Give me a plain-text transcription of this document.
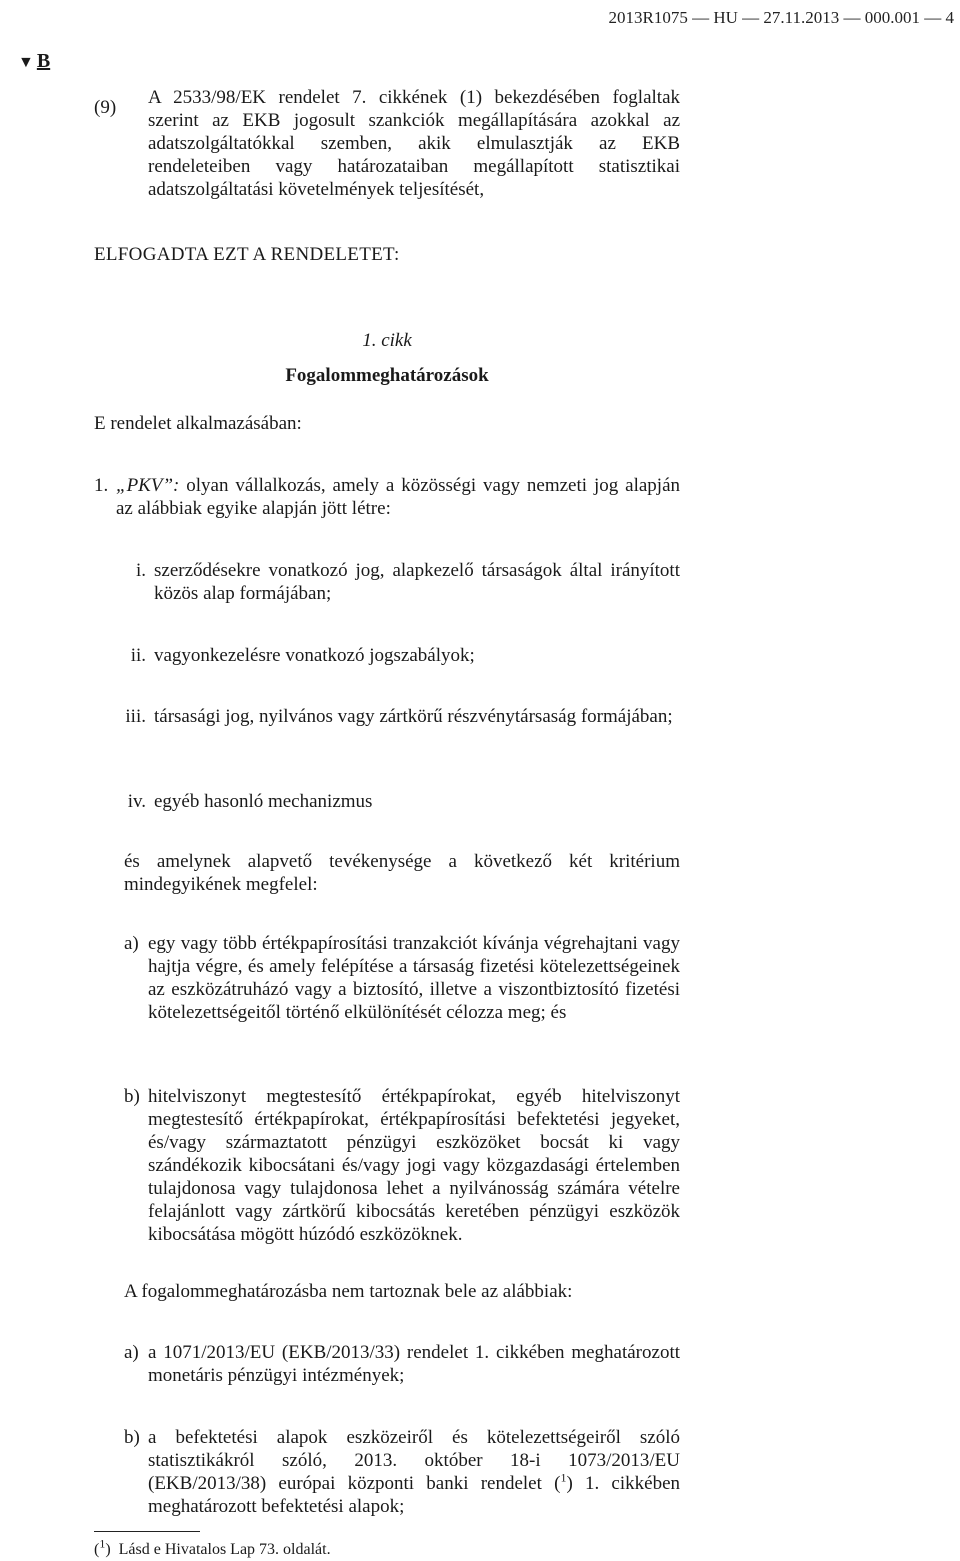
2013R1075 — HU — 27.11.2013 — 000.001 — 4
▼ B
(9) A 2533/98/EK rendelet 7. cikkének (1) bekezdésében foglaltak szerint az EKB jogosult szankciók megállapítására azokkal az adatszolgáltatókkal szemben, akik elmulasztják az EKB rendeleteiben vagy határozataiban megállapított statisztikai adatszolgáltatási követelmények teljesítését,
ELFOGADTA EZT A RENDELETET:
1. cikk
Fogalommeghatározások
E rendelet alkalmazásában:
1. „PKV”: olyan vállalkozás, amely a közösségi vagy nemzeti jog alapján az alábbiak egyike alapján jött létre:
i. szerződésekre vonatkozó jog, alapkezelő társaságok által irányított közös alap formájában;
ii. vagyonkezelésre vonatkozó jogszabályok;
iii. társasági jog, nyilvános vagy zártkörű részvénytársaság formájában;
iv. egyéb hasonló mechanizmus
és amelynek alapvető tevékenysége a következő két kritérium mindegyikének megfelel:
a) egy vagy több értékpapírosítási tranzakciót kívánja végrehajtani vagy hajtja végre, és amely felépítése a társaság fizetési kötelezettségeinek az eszközátruházó vagy a biztosító, illetve a viszontbiztosító fizetési kötelezettségeitől történő elkülönítését célozza meg; és
b) hitelviszonyt megtestesítő értékpapírokat, egyéb hitelviszonyt megtestesítő értékpapírokat, értékpapírosítási befektetési jegyeket, és/vagy származtatott pénzügyi eszközöket bocsát ki vagy szándékozik kibocsátani és/vagy jogi vagy közgazdasági értelemben tulajdonosa vagy tulajdonosa lehet a nyilvánosság számára vételre felajánlott vagy zártkörű kibocsátás keretében pénzügyi eszközök kibocsátása mögött húzódó eszközöknek.
A fogalommeghatározásba nem tartoznak bele az alábbiak:
a) a 1071/2013/EU (EKB/2013/33) rendelet 1. cikkében meghatározott monetáris pénzügyi intézmények;
b) a befektetési alapok eszközeiről és kötelezettségeiről szóló statisztikákról szóló, 2013. október 18-i 1073/2013/EU (EKB/2013/38) európai központi banki rendelet ($^1$) 1. cikkében meghatározott befektetési alapok;
($^1$) Lásd e Hivatalos Lap 73. oldalát.
